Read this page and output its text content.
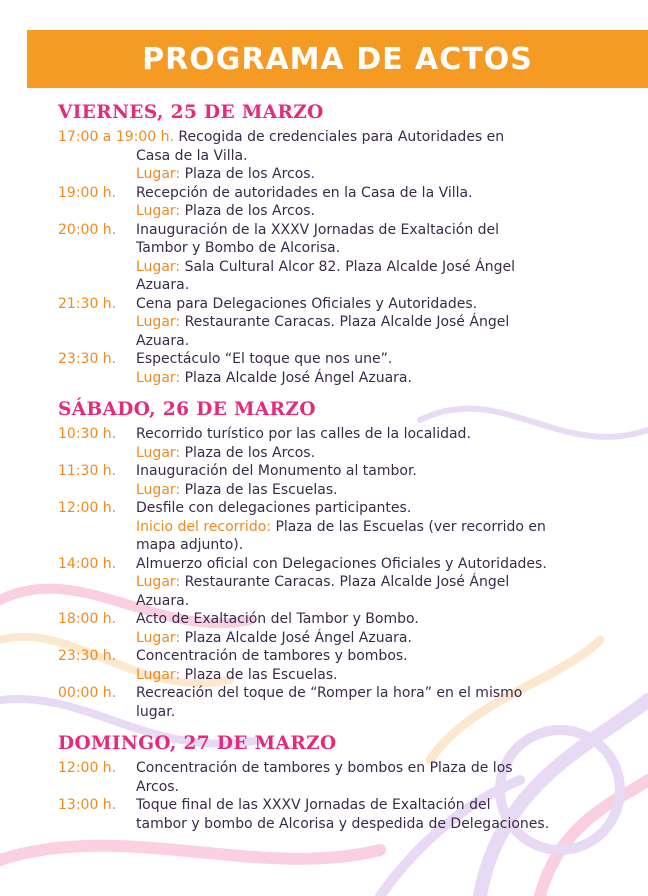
PROGRAMA DE ACTOS
VIERNES, 25 DE MARZO
17:00 a 19:00 h. Recogida de credenciales para Autoridades en
Casa de la Villa.
Lugar: Plaza de los Arcos.
19:00 h. Recepción de autoridades en la Casa de la Villa.
Lugar: Plaza de los Arcos.
20:00 h. Inauguración de la XXXV Jornadas de Exaltación del
Tambor y Bombo de Alcorisa.
Lugar: Sala Cultural Alcor 82. Plaza Alcalde José Ángel
Azuara.
21:30 h. Cena para Delegaciones Oficiales y Autoridades.
Lugar: Restaurante Caracas. Plaza Alcalde José Ángel
Azuara.
23:30 h. Espectáculo “El toque que nos une”.
Lugar: Plaza Alcalde José Ángel Azuara.
SÁBADO, 26 DE MARZO
10:30 h. Recorrido turístico por las calles de la localidad.
Lugar: Plaza de los Arcos.
11:30 h. Inauguración del Monumento al tambor.
Lugar: Plaza de las Escuelas.
12:00 h. Desfile con delegaciones participantes.
Inicio del recorrido: Plaza de las Escuelas (ver recorrido en
mapa adjunto).
14:00 h. Almuerzo oficial con Delegaciones Oficiales y Autoridades.
Lugar: Restaurante Caracas. Plaza Alcalde José Ángel
Azuara.
18:00 h. Acto de Exaltación del Tambor y Bombo.
Lugar: Plaza Alcalde José Ángel Azuara.
23:30 h. Concentración de tambores y bombos.
Lugar: Plaza de las Escuelas.
00:00 h. Recreación del toque de “Romper la hora” en el mismo
lugar.
DOMINGO, 27 DE MARZO
12:00 h. Concentración de tambores y bombos en Plaza de los
Arcos.
13:00 h. Toque final de las XXXV Jornadas de Exaltación del
tambor y bombo de Alcorisa y despedida de Delegaciones.
